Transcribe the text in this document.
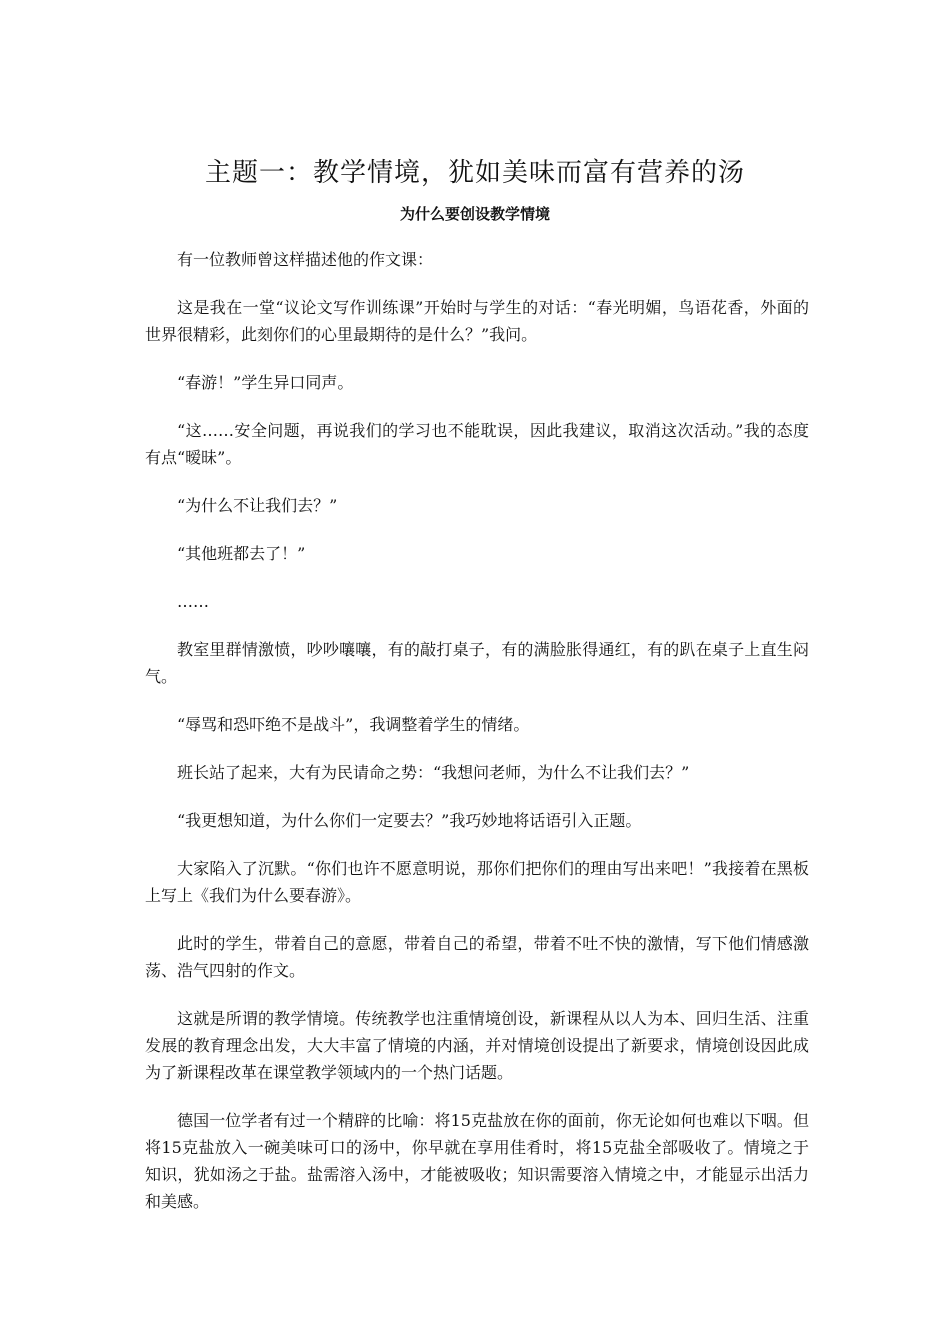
主题一：教学情境，犹如美味而富有营养的汤
为什么要创设教学情境

有一位教师曾这样描述他的作文课：

这是我在一堂“议论文写作训练课”开始时与学生的对话：“春光明媚，鸟语花香，外面的世界很精彩，此刻你们的心里最期待的是什么？”我问。

“春游！”学生异口同声。

“这……安全问题，再说我们的学习也不能耽误，因此我建议，取消这次活动。”我的态度有点“暧昧”。

“为什么不让我们去？”

“其他班都去了！”

……

教室里群情激愤，吵吵嚷嚷，有的敲打桌子，有的满脸胀得通红，有的趴在桌子上直生闷气。

“辱骂和恐吓绝不是战斗”，我调整着学生的情绪。

班长站了起来，大有为民请命之势：“我想问老师，为什么不让我们去？”

“我更想知道，为什么你们一定要去？”我巧妙地将话语引入正题。

大家陷入了沉默。“你们也许不愿意明说，那你们把你们的理由写出来吧！”我接着在黑板上写上《我们为什么要春游》。

此时的学生，带着自己的意愿，带着自己的希望，带着不吐不快的激情，写下他们情感激荡、浩气四射的作文。

这就是所谓的教学情境。传统教学也注重情境创设，新课程从以人为本、回归生活、注重发展的教育理念出发，大大丰富了情境的内涵，并对情境创设提出了新要求，情境创设因此成为了新课程改革在课堂教学领域内的一个热门话题。

德国一位学者有过一个精辟的比喻：将15克盐放在你的面前，你无论如何也难以下咽。但将15克盐放入一碗美味可口的汤中，你早就在享用佳肴时，将15克盐全部吸收了。情境之于知识，犹如汤之于盐。盐需溶入汤中，才能被吸收；知识需要溶入情境之中，才能显示出活力和美感。
